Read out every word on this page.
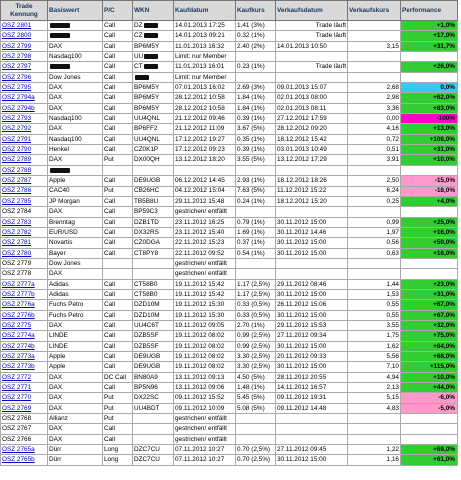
Trade Kennung	Basiswert	P/C	WKN	Kaufdatum	Kaufkurs	Verkaufsdatum	Verkaufskurs	Performance
OSZ 2801		Call	DZ	14.01.2013 17:25	1,41 (3%)	Trade läuft		+1,0%
OSZ 2800		Call	CZ	14.01.2013 09:21	0.32 (1%)	Trade läuft		+17,0%
OSZ 2799	DAX	Call	BP6M5Y	11.01.2013 16:32	2.40 (2%)	14.01.2013 10:50	3,15	+31,7%
OSZ 2798	Nasdaq100	Call	UU	Limit: nur Member				
OSZ 2797		Call	CT	11.01.2013 16:01	0.23 (1%)	Trade läuft		+26,0%
OSZ 2796	Dow Jones	Call		Limit: nur Member				
OSZ 2795	DAX	Call	BP6M5Y	07.01.2013 16:02	2.69 (3%)	09.01.2013 15:07	2,68	0,0%
OSZ 2794a	DAX	Call	BP6M5Y	28.12.2012 10:58	1.84 (1%)	02.01.2013 08:00	2,98	+62,0%
OSZ 2794b	DAX	Call	BP6M5Y	28.12.2012 10:58	1.84 (1%)	02.01.2013 08:11	3,36	+83,0%
OSZ 2793	Nasdaq100	Call	UU4QNL	21.12.2012 09:46	0.39 (1%)	27.12.2012 17:59	0,00	-100%
OSZ 2792	DAX	Call	BP6FF2	21.12.2012 11:09	3.67 (5%)	28.12.2012 09:20	4,16	+13,0%
OSZ 2791	Nasdaq100	Call	UU4QNL	17.12.2012 19:27	0.35 (1%)	18.12.2012 15:42	0,72	+106,0%
OSZ 2790	Henkel	Call	CZ0K1P	17.12.2012 09:23	0.39 (1%)	03.01.2013 10:49	0,51	+31,0%
OSZ 2789	DAX	Put	DX00QH	13.12.2012 18:20	3.55 (5%)	13.12.2012 17:29	3,91	+10,0%
OSZ 2788								
OSZ 2787	Apple	Call	DE9UGB	06.12.2012 14:45	2.93 (1%)	18.12.2012 18:26	2,50	-15,0%
OSZ 2786	CAC40	Put	CB26HC	04.12.2012 15:04	7.63 (5%)	11.12.2012 15:22	6,24	-18,0%
OSZ 2785	JP Morgan	Call	TB5B8U	29.11.2012 15:48	0.24 (1%)	18.12.2012 15:20	0,25	+4,0%
OSZ 2784	DAX	Call	BP59C3	gestrichen/ entfällt				
OSZ 2783	Brenntag	Call	DZB1TD	23.11.2012 16:25	0.79 (1%)	30.11.2012 15:00	0,99	+25,0%
OSZ 2782	EUR/USD	Call	DX32RS	23.11.2012 15:40	1.69 (1%)	30.11.2012 14:46	1,97	+16,0%
OSZ 2781	Novartis	Call	CZ0DGA	22.11.2012 15:23	0.37 (1%)	30.11.2012 15:00	0,56	+50,0%
OSZ 2780	Bayer	Call	CT8PY8	22.11.2012 09:52	0.54 (1%)	30.11.2012 15:00	0,63	+16,0%
OSZ 2779	Dow Jones			gestrichen/ entfällt				
OSZ 2778	DAX			gestrichen/ entfällt				
OSZ 2777a	Adidas	Call	CT58B0	19.11.2012 15:42	1.17 (2,5%)	29.11.2012 08:46	1,44	+23,0%
OSZ 2777b	Adidas	Call	CT58B0	19.11.2012 15:42	1.17 (2,5%)	30.11.2012 15:00	1,53	+31,0%
OSZ 2776a	Fuchs Petro	Call	DZD10M	19.11.2012 15:30	0.33 (0,5%)	26.11.2012 15:06	0,55	+67,0%
OSZ 2776b	Fuchs Petro	Call	DZD10M	19.11.2012 15:30	0.33 (0,5%)	30.11.2012 15:00	0,55	+67,0%
OSZ 2775	DAX	Call	UU4C6T	19.11.2012 09:05	2.70 (1%)	29.11.2012 15:53	3,55	+32,0%
OSZ 2774a	LINDE	Call	DZB5SF	19.11.2012 08:02	0.99 (2,5%)	27.11.2012 09:34	1,75	+75,0%
OSZ 2774b	LINDE	Call	DZB5SF	19.11.2012 08:02	0.99 (2,5%)	30.11.2012 15:00	1,62	+64,0%
OSZ 2773a	Apple	Call	DE9UGB	19.11.2012 08:02	3.30 (2,5%)	20.11.2012 09:33	5,56	+68,0%
OSZ 2773b	Apple	Call	DE9UGB	19.11.2012 08:02	3.30 (2,5%)	30.11.2012 15:00	7,10	+115,0%
OSZ 2772	DAX	DC Call	BN80A9	13.11.2012 09:13	4.50 (5%)	28.11.2012 20:55	4,94	+10,0%
OSZ 2771	DAX	Call	BP5N96	13.11.2012 09:06	1.48 (1%)	14.11.2012 16:57	2,13	+44,0%
OSZ 2770	DAX	Put	DX22SC	09.11.2012 15:52	5.45 (5%)	09.11.2012 19:31	5,15	-6,0%
OSZ 2769	DAX	Put	UU4BDT	09.11.2012 10:09	5.08 (5%)	09.11.2012 14:48	4,83	-5,0%
OSZ 2768	Allianz	Put		gestrichen/ entfällt				
OSZ 2767	DAX	Call		gestrichen/ entfällt				
OSZ 2766	DAX	Call		gestrichen/ entfällt				
OSZ 2765a	Dürr	Long	DZC7CU	07.11.2012 10:27	0.70 (2,5%)	27.11.2012 09:45	1,22	+69,0%
OSZ 2765b	Dürr	Long	DZC7CU	07.11.2012 10:27	0.70 (2,5%)	30.11.2012 15:00	1,16	+61,0%
